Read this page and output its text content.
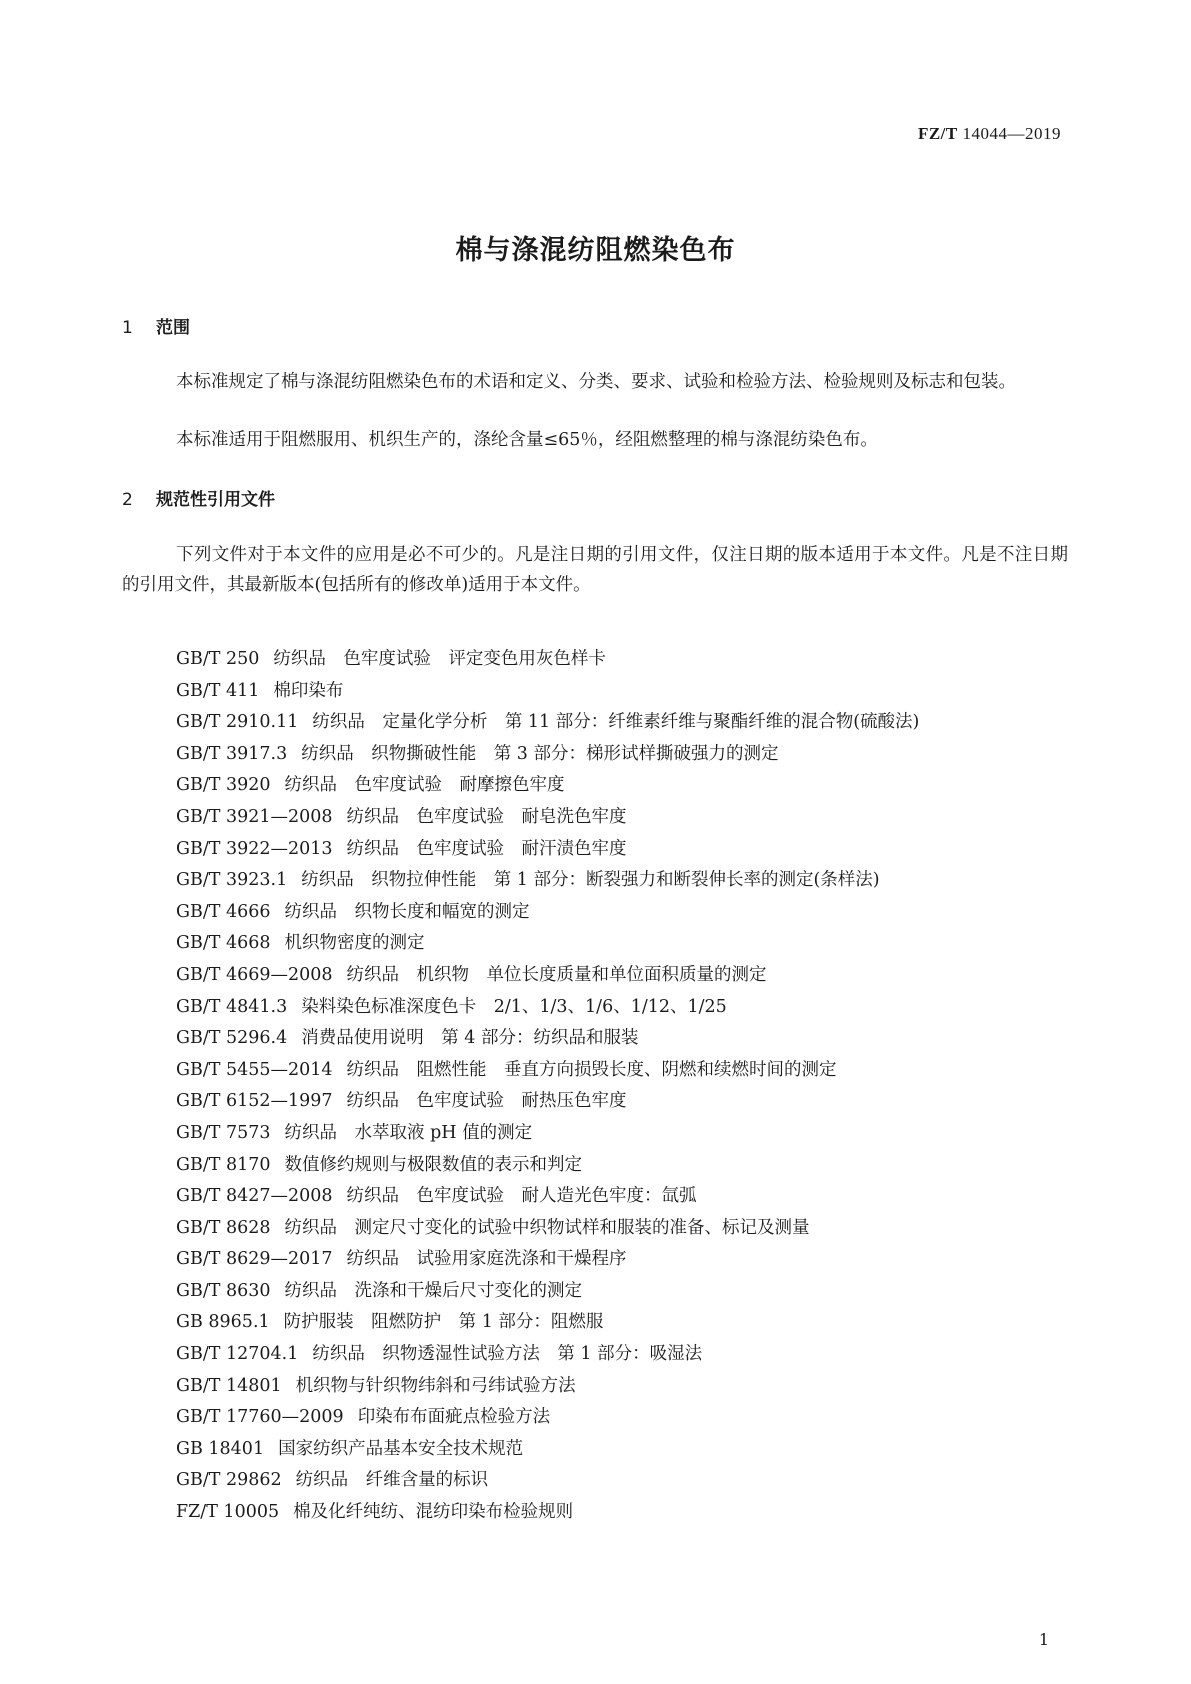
FZ/T 14044—2019
棉与涤混纺阻燃染色布
1 范围
本标准规定了棉与涤混纺阻燃染色布的术语和定义、分类、要求、试验和检验方法、检验规则及标志和包装。
本标准适用于阻燃服用、机织生产的，涤纶含量≤65％，经阻燃整理的棉与涤混纺染色布。
2 规范性引用文件
下列文件对于本文件的应用是必不可少的。凡是注日期的引用文件，仅注日期的版本适用于本文件。凡是不注日期的引用文件，其最新版本(包括所有的修改单)适用于本文件。
GB/T 250 纺织品　色牢度试验　评定变色用灰色样卡
GB/T 411 棉印染布
GB/T 2910.11 纺织品　定量化学分析　第 11 部分：纤维素纤维与聚酯纤维的混合物(硫酸法)
GB/T 3917.3 纺织品　织物撕破性能　第 3 部分：梯形试样撕破强力的测定
GB/T 3920 纺织品　色牢度试验　耐摩擦色牢度
GB/T 3921—2008 纺织品　色牢度试验　耐皂洗色牢度
GB/T 3922—2013 纺织品　色牢度试验　耐汗渍色牢度
GB/T 3923.1 纺织品　织物拉伸性能　第 1 部分：断裂强力和断裂伸长率的测定(条样法)
GB/T 4666 纺织品　织物长度和幅宽的测定
GB/T 4668 机织物密度的测定
GB/T 4669—2008 纺织品　机织物　单位长度质量和单位面积质量的测定
GB/T 4841.3 染料染色标准深度色卡　2/1、1/3、1/6、1/12、1/25
GB/T 5296.4 消费品使用说明　第 4 部分：纺织品和服装
GB/T 5455—2014 纺织品　阻燃性能　垂直方向损毁长度、阴燃和续燃时间的测定
GB/T 6152—1997 纺织品　色牢度试验　耐热压色牢度
GB/T 7573 纺织品　水萃取液 pH 值的测定
GB/T 8170 数值修约规则与极限数值的表示和判定
GB/T 8427—2008 纺织品　色牢度试验　耐人造光色牢度：氙弧
GB/T 8628 纺织品　测定尺寸变化的试验中织物试样和服装的准备、标记及测量
GB/T 8629—2017 纺织品　试验用家庭洗涤和干燥程序
GB/T 8630 纺织品　洗涤和干燥后尺寸变化的测定
GB 8965.1 防护服装　阻燃防护　第 1 部分：阻燃服
GB/T 12704.1 纺织品　织物透湿性试验方法　第 1 部分：吸湿法
GB/T 14801 机织物与针织物纬斜和弓纬试验方法
GB/T 17760—2009 印染布布面疵点检验方法
GB 18401 国家纺织产品基本安全技术规范
GB/T 29862 纺织品　纤维含量的标识
FZ/T 10005 棉及化纤纯纺、混纺印染布检验规则
1
